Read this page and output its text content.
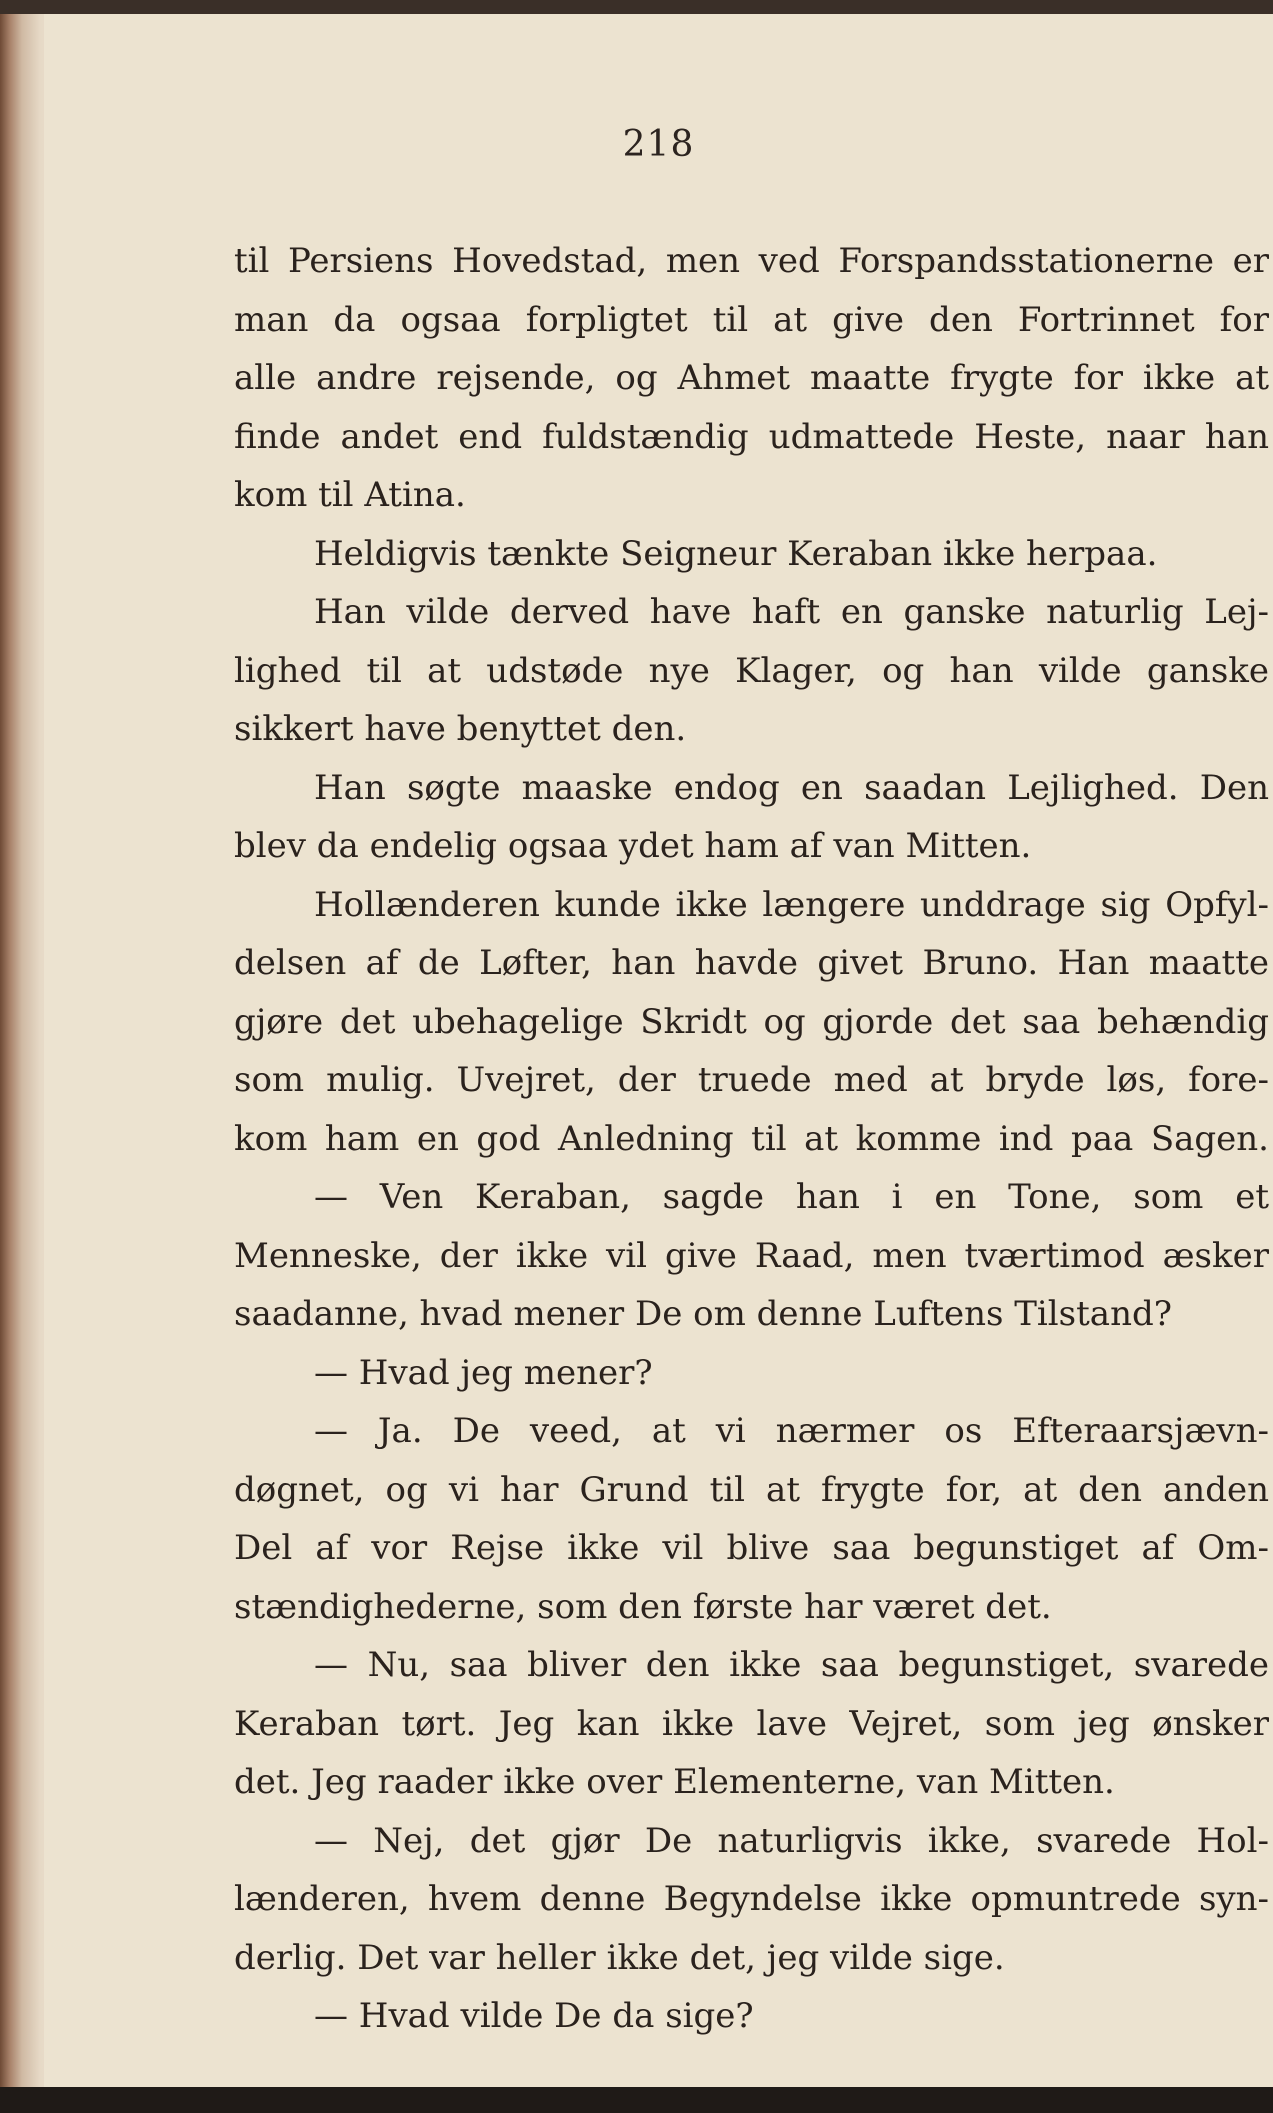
218
til Persiens Hovedstad, men ved Forspandsstationerne er
man da ogsaa forpligtet til at give den Fortrinnet for
alle andre rejsende, og Ahmet maatte frygte for ikke at
finde andet end fuldstændig udmattede Heste, naar han
kom til Atina.
Heldigvis tænkte Seigneur Keraban ikke herpaa.
Han vilde derved have haft en ganske naturlig Lej-
lighed til at udstøde nye Klager, og han vilde ganske
sikkert have benyttet den.
Han søgte maaske endog en saadan Lejlighed. Den
blev da endelig ogsaa ydet ham af van Mitten.
Hollænderen kunde ikke længere unddrage sig Opfyl-
delsen af de Løfter, han havde givet Bruno. Han maatte
gjøre det ubehagelige Skridt og gjorde det saa behændig
som mulig. Uvejret, der truede med at bryde løs, fore-
kom ham en god Anledning til at komme ind paa Sagen.
— Ven Keraban, sagde han i en Tone, som et
Menneske, der ikke vil give Raad, men tværtimod æsker
saadanne, hvad mener De om denne Luftens Tilstand?
— Hvad jeg mener?
— Ja. De veed, at vi nærmer os Efteraarsjævn-
døgnet, og vi har Grund til at frygte for, at den anden
Del af vor Rejse ikke vil blive saa begunstiget af Om-
stændighederne, som den første har været det.
— Nu, saa bliver den ikke saa begunstiget, svarede
Keraban tørt. Jeg kan ikke lave Vejret, som jeg ønsker
det. Jeg raader ikke over Elementerne, van Mitten.
— Nej, det gjør De naturligvis ikke, svarede Hol-
lænderen, hvem denne Begyndelse ikke opmuntrede syn-
derlig. Det var heller ikke det, jeg vilde sige.
— Hvad vilde De da sige?
